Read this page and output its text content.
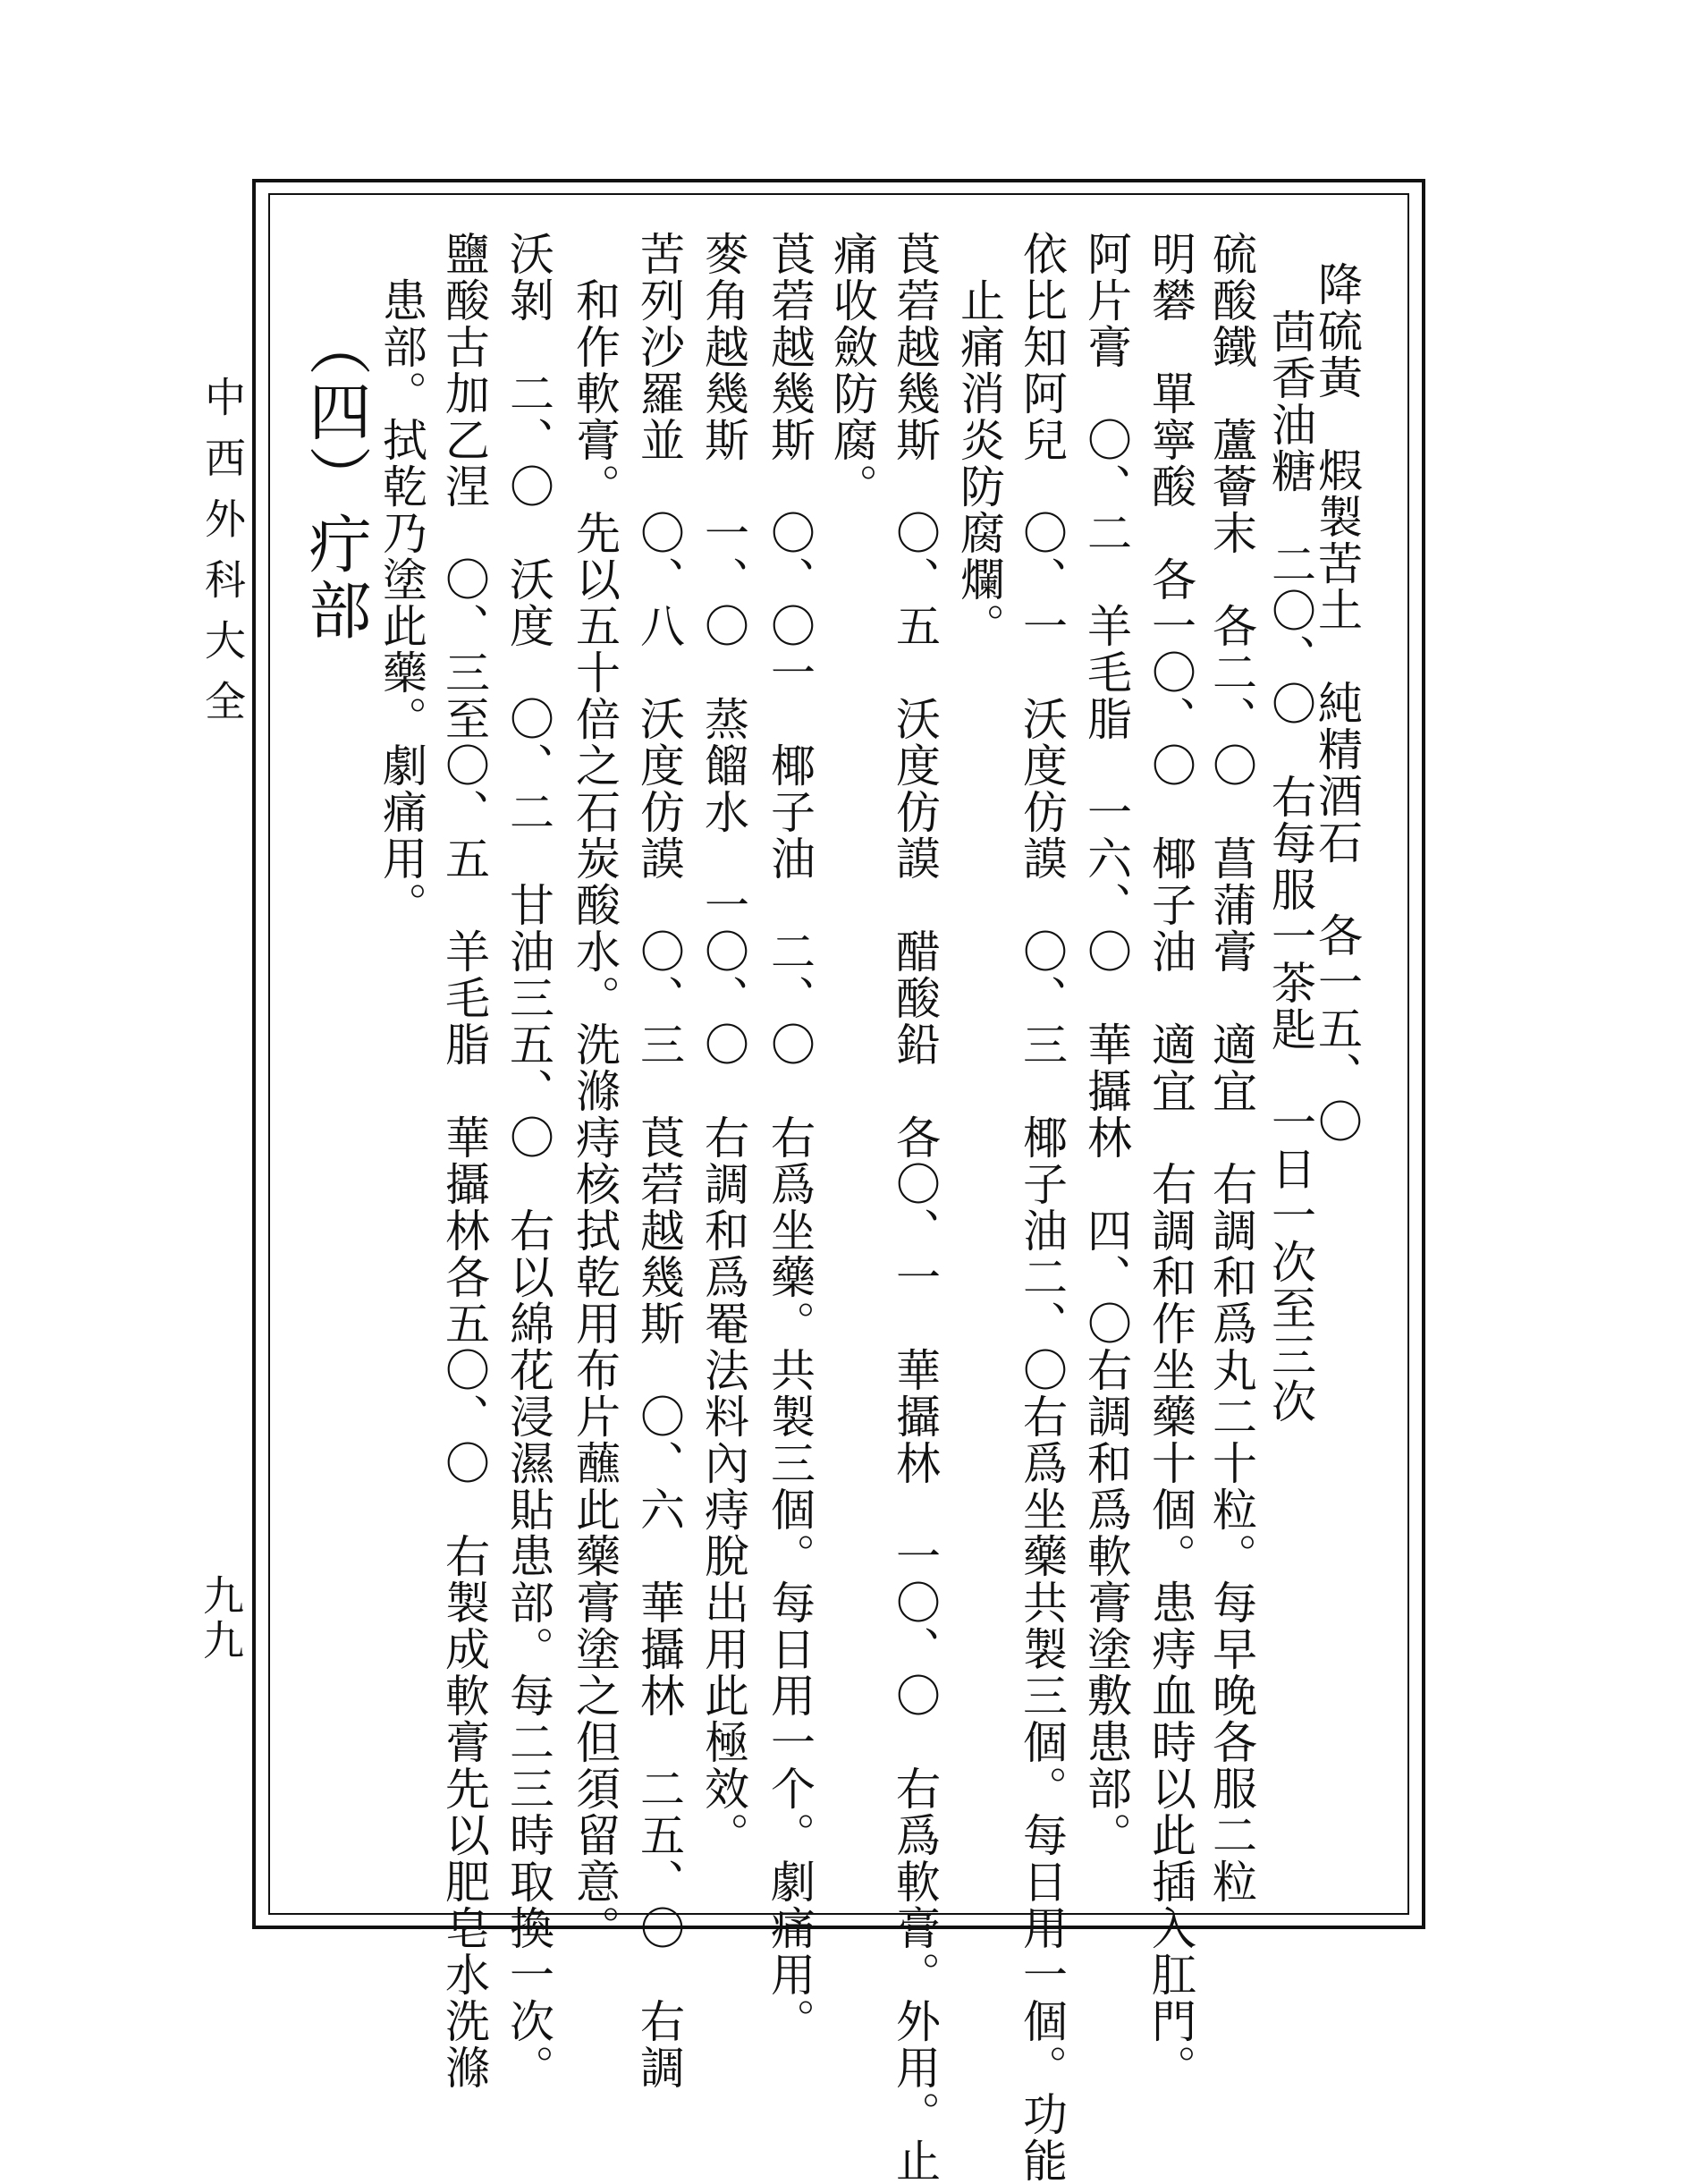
中西外科大全
九九
降硫黃　煆製苦土　純精酒石　各一五、〇
茴香油糖　二〇、〇　右每服一茶匙　一日一次至三次
硫酸鐵　蘆薈末　各二、〇　菖蒲膏　適宜　右調和爲丸二十粒。每早晚各服二粒
明礬　單寧酸　各一〇、〇　椰子油　適宜　右調和作坐藥十個。患痔血時以此插入肛門。
阿片膏　〇、二　羊毛脂　一六、〇　華攝林　四、〇右調和爲軟膏塗敷患部。
依比知阿兒　〇、一　沃度仿謨　〇、三　椰子油二、〇右爲坐藥共製三個。每日用一個。功能
止痛消炎防腐爛。
莨菪越幾斯　〇、五　沃度仿謨　醋酸鉛　各〇、一　華攝林　一〇、〇　右爲軟膏。外用。止
痛收斂防腐。
莨菪越幾斯　〇、〇一　椰子油　二、〇　右爲坐藥。共製三個。每日用一个。劇痛用。
麥角越幾斯　一、〇　蒸餾水　一〇、〇　右調和爲罨法料內痔脫出用此極效。
苦列沙羅並　〇、八　沃度仿謨　〇、三　莨菪越幾斯　〇、六　華攝林　二五、〇　右調
和作軟膏。先以五十倍之石炭酸水。洗滌痔核拭乾用布片蘸此藥膏塗之但須留意。
沃剝　二、〇　沃度　〇、二　甘油三五、〇　右以綿花浸濕貼患部。每二三時取換一次。
鹽酸古加乙涅　〇、三至〇、五　羊毛脂　華攝林各五〇、〇　右製成軟膏先以肥皂水洗滌
患部。拭乾乃塗此藥。劇痛用。
（四）疔部
